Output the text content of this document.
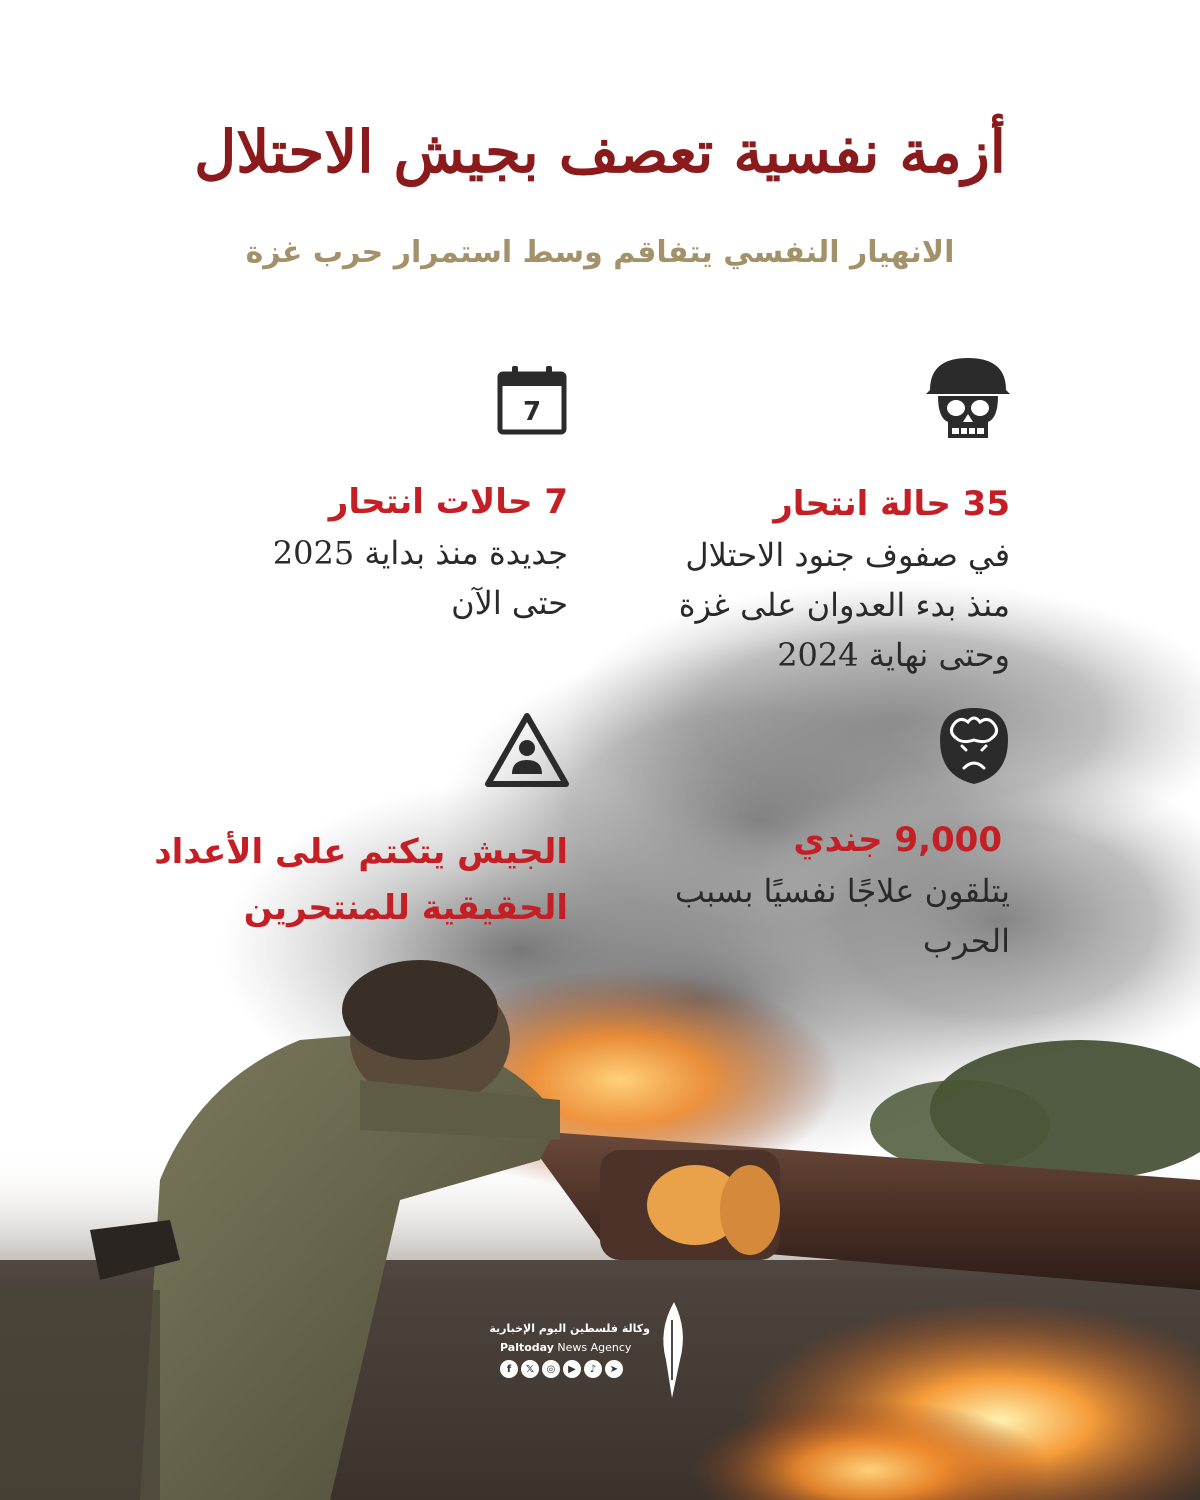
أزمة نفسية تعصف بجيش الاحتلال
الانهيار النفسي يتفاقم وسط استمرار حرب غزة
35 حالة انتحار
في صفوف جنود الاحتلال
منذ بدء العدوان على غزة
وحتى نهاية 2024
7
7 حالات انتحار
جديدة منذ بداية 2025
حتى الآن
9,000 جندي
يتلقون علاجًا نفسيًا بسبب
الحرب
الجيش يتكتم على الأعداد
الحقيقية للمنتحرين
وكالة فلسطين اليوم الإخبارية
Paltoday News Agency
f	𝕏	◎	▶	♪	➤
